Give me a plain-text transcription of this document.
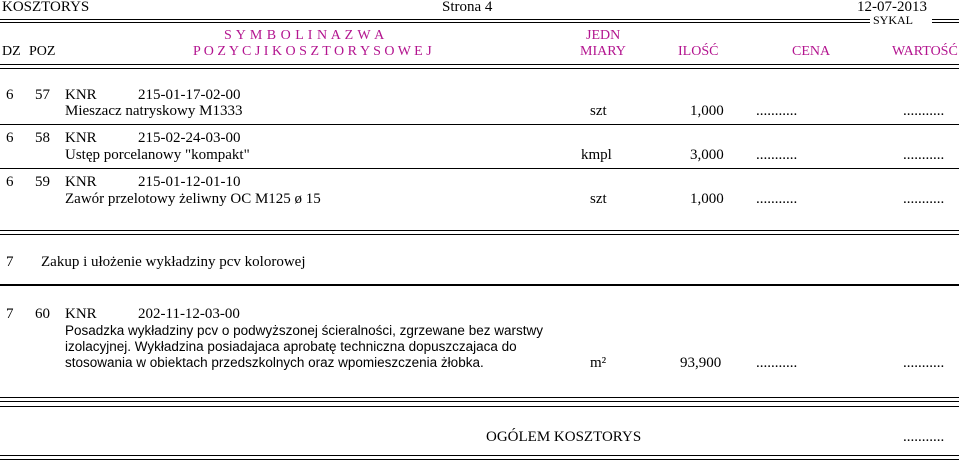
KOSZTORYS	Strona 4	12-07-2013
SYKAL
S Y M B O L I N A Z W A	JEDN
DZ POZ	P O Z Y C J I K O S Z T O R Y S O W E J	MIARY	ILOŚĆ	CENA	WARTOŚĆ
6 57 KNR	215-01-17-02-00
Mieszacz natryskowy M1333	szt	1,000 ...........	...........
6 58 KNR	215-02-24-03-00
Ustęp porcelanowy "kompakt"	kmpl	3,000 ...........	...........
6 59 KNR	215-01-12-01-10
Zawór przelotowy żeliwny OC M125 ø 15	szt	1,000 ...........	...........
7 Zakup i ułożenie wykładziny pcv kolorowej
7 60 KNR	202-11-12-03-00
Posadzka wykładziny pcv o podwyższonej ścieralności, zgrzewane bez warstwy
izolacyjnej. Wykładzina posiadajaca aprobatę techniczna dopuszczajaca do
stosowania w obiektach przedszkolnych oraz wpomieszczenia żłobka.	m²	93,900 ...........	...........
OGÓLEM KOSZTORYS	...........
